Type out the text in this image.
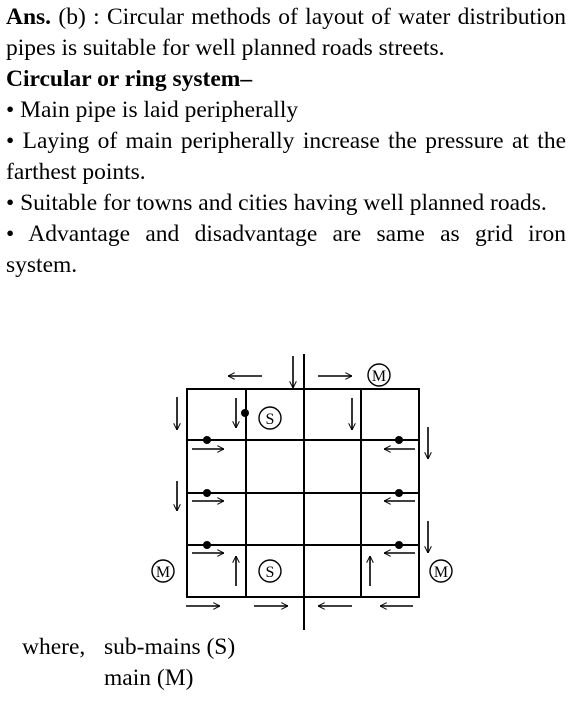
Ans. (b) : Circular methods of layout of water distribution pipes is suitable for well planned roads streets.

Circular or ring system–

• Main pipe is laid peripherally

• Laying of main peripherally increase the pressure at the farthest points.

• Suitable for towns and cities having well planned roads.

• Advantage and disadvantage are same as grid iron system.

M
S
M	S	M
where, sub-mains (S)
main (M)
